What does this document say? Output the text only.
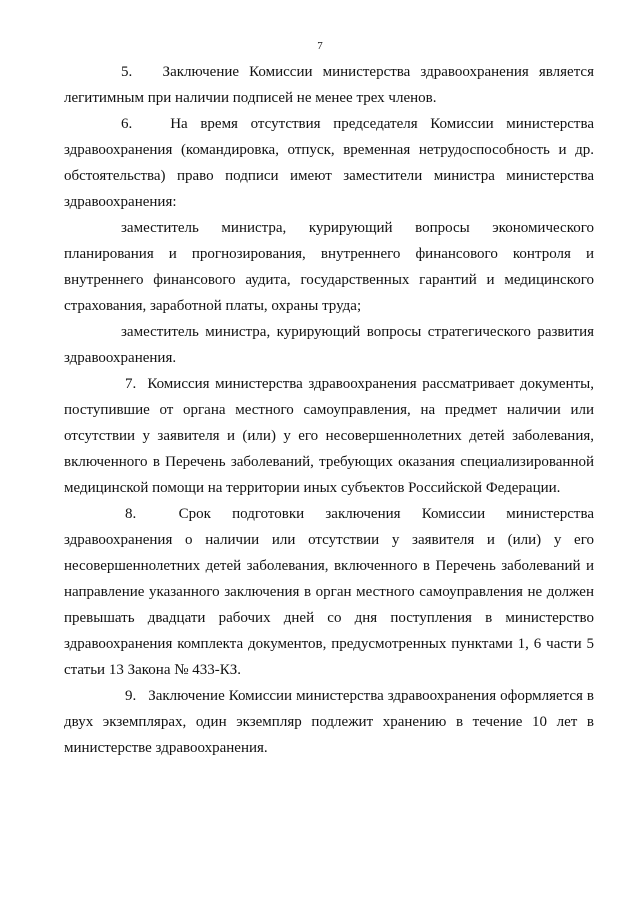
7

5.   Заключение Комиссии министерства здравоохранения является легитимным при наличии подписей не менее трех членов.

6.   На время отсутствия председателя Комиссии министерства здравоохранения (командировка, отпуск, временная нетрудоспособность и др. обстоятельства) право подписи имеют заместители министра министерства здравоохранения:

заместитель министра, курирующий вопросы экономического планирования и прогнозирования, внутреннего финансового контроля и внутреннего финансового аудита, государственных гарантий и медицинского страхования, заработной платы, охраны труда;

заместитель министра, курирующий вопросы стратегического развития здравоохранения.

7.  Комиссия министерства здравоохранения рассматривает документы, поступившие от органа местного самоуправления, на предмет наличии или отсутствии у заявителя и (или) у его несовершеннолетних детей заболевания, включенного в Перечень заболеваний, требующих оказания специализированной медицинской помощи на территории иных субъектов Российской Федерации.

8.  Срок подготовки заключения Комиссии министерства здравоохранения о наличии или отсутствии у заявителя и (или) у его несовершеннолетних детей заболевания, включенного в Перечень заболеваний и направление указанного заключения в орган местного самоуправления не должен превышать двадцати рабочих дней со дня поступления в министерство здравоохранения комплекта документов, предусмотренных пунктами 1, 6 части 5 статьи 13 Закона № 433-КЗ.

9.   Заключение Комиссии министерства здравоохранения оформляется в двух экземплярах, один экземпляр подлежит хранению в течение 10 лет в министерстве здравоохранения.
